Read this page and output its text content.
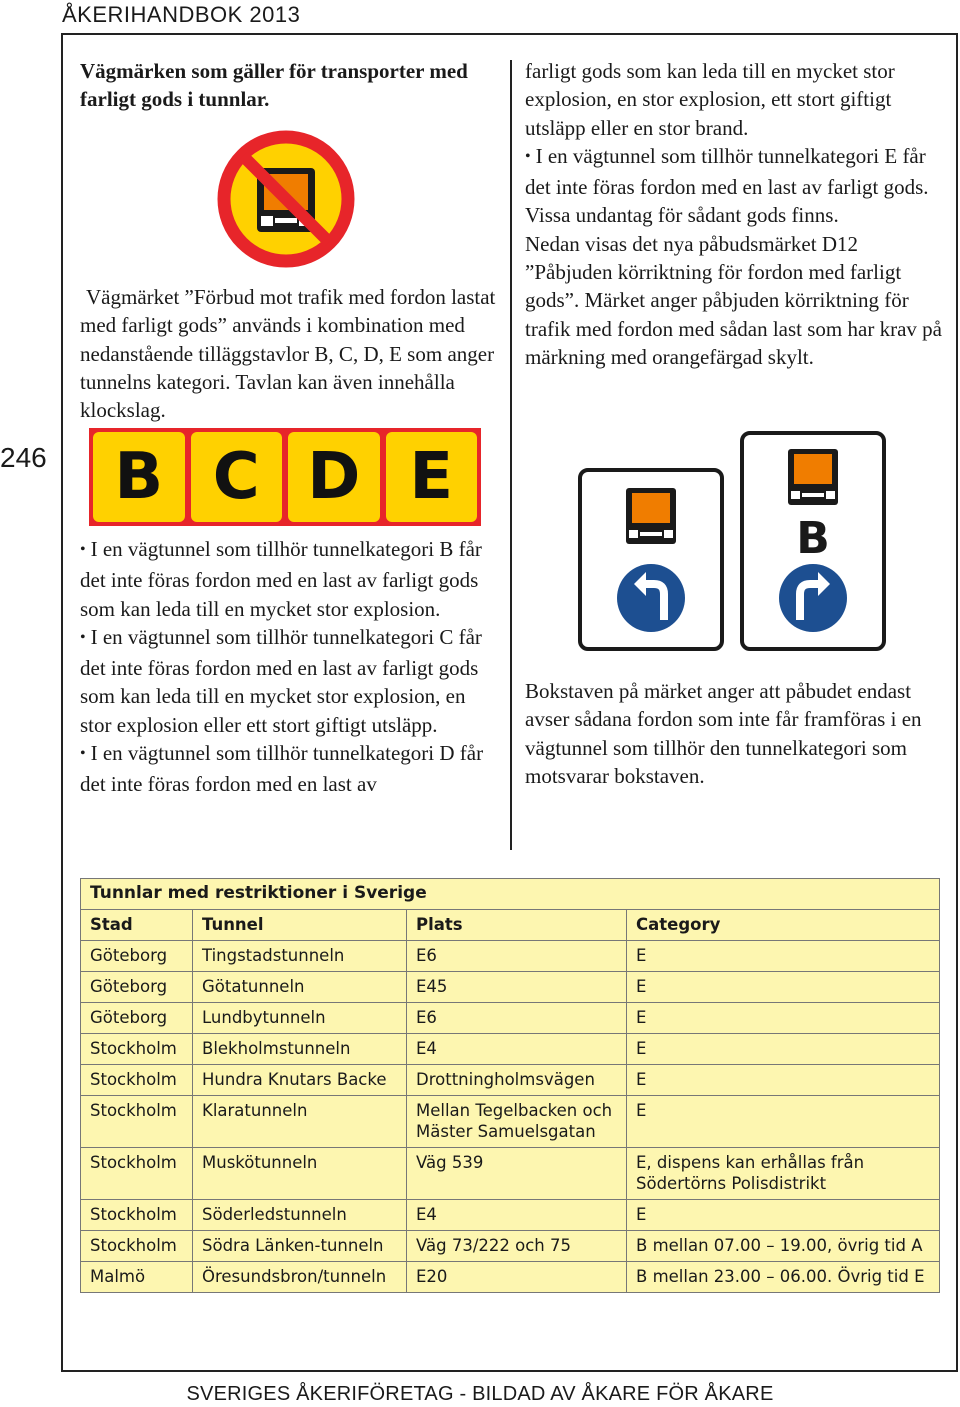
ÅKERIHANDBOK 2013
246

Vägmärken som gäller för transporter med farligt gods i tunnlar.

Vägmärket ”Förbud mot trafik med fordon lastat med farligt gods” används i kombination med nedanstående tilläggstavlor B, C, D, E som anger tunnelns kategori. Tavlan kan även innehålla klockslag.

B C D E

• I en vägtunnel som tillhör tunnelkategori B får det inte föras fordon med en last av farligt gods som kan leda till en mycket stor explosion.

• I en vägtunnel som tillhör tunnelkategori C får det inte föras fordon med en last av farligt gods som kan leda till en mycket stor explosion, en stor explosion eller ett stort giftigt utsläpp.

• I en vägtunnel som tillhör tunnelkategori D får det inte föras fordon med en last av

farligt gods som kan leda till en mycket stor explosion, en stor explosion, ett stort giftigt utsläpp eller en stor brand.

• I en vägtunnel som tillhör tunnelkategori E får det inte föras fordon med en last av farligt gods. Vissa undantag för sådant gods finns.

Nedan visas det nya påbudsmärket D12 ”Påbjuden körriktning för fordon med farligt gods”. Märket anger påbjuden körriktning för trafik med fordon med sådan last som har krav på märkning med orangefärgad skylt.

B

Bokstaven på märket anger att påbudet endast avser sådana fordon som inte får framföras i en vägtunnel som tillhör den tunnelkategori som motsvarar bokstaven.

Tunnlar med restriktioner i Sverige			
Stad	Tunnel	Plats	Category
Göteborg	Tingstadstunneln	E6	E
Göteborg	Götatunneln	E45	E
Göteborg	Lundbytunneln	E6	E
Stockholm	Blekholmstunneln	E4	E
Stockholm	Hundra Knutars Backe	Drottningholmsvägen	E
Stockholm	Klaratunneln	Mellan Tegelbacken och Mäster Samuelsgatan	E
Stockholm	Muskötunneln	Väg 539	E, dispens kan erhållas från Södertörns Polisdistrikt
Stockholm	Söderledstunneln	E4	E
Stockholm	Södra Länken-tunneln	Väg 73/222 och 75	B mellan 07.00 – 19.00, övrig tid A
Malmö	Öresundsbron/tunneln	E20	B mellan 23.00 – 06.00. Övrig tid E
SVERIGES ÅKERIFÖRETAG - BILDAD AV ÅKARE FÖR ÅKARE
